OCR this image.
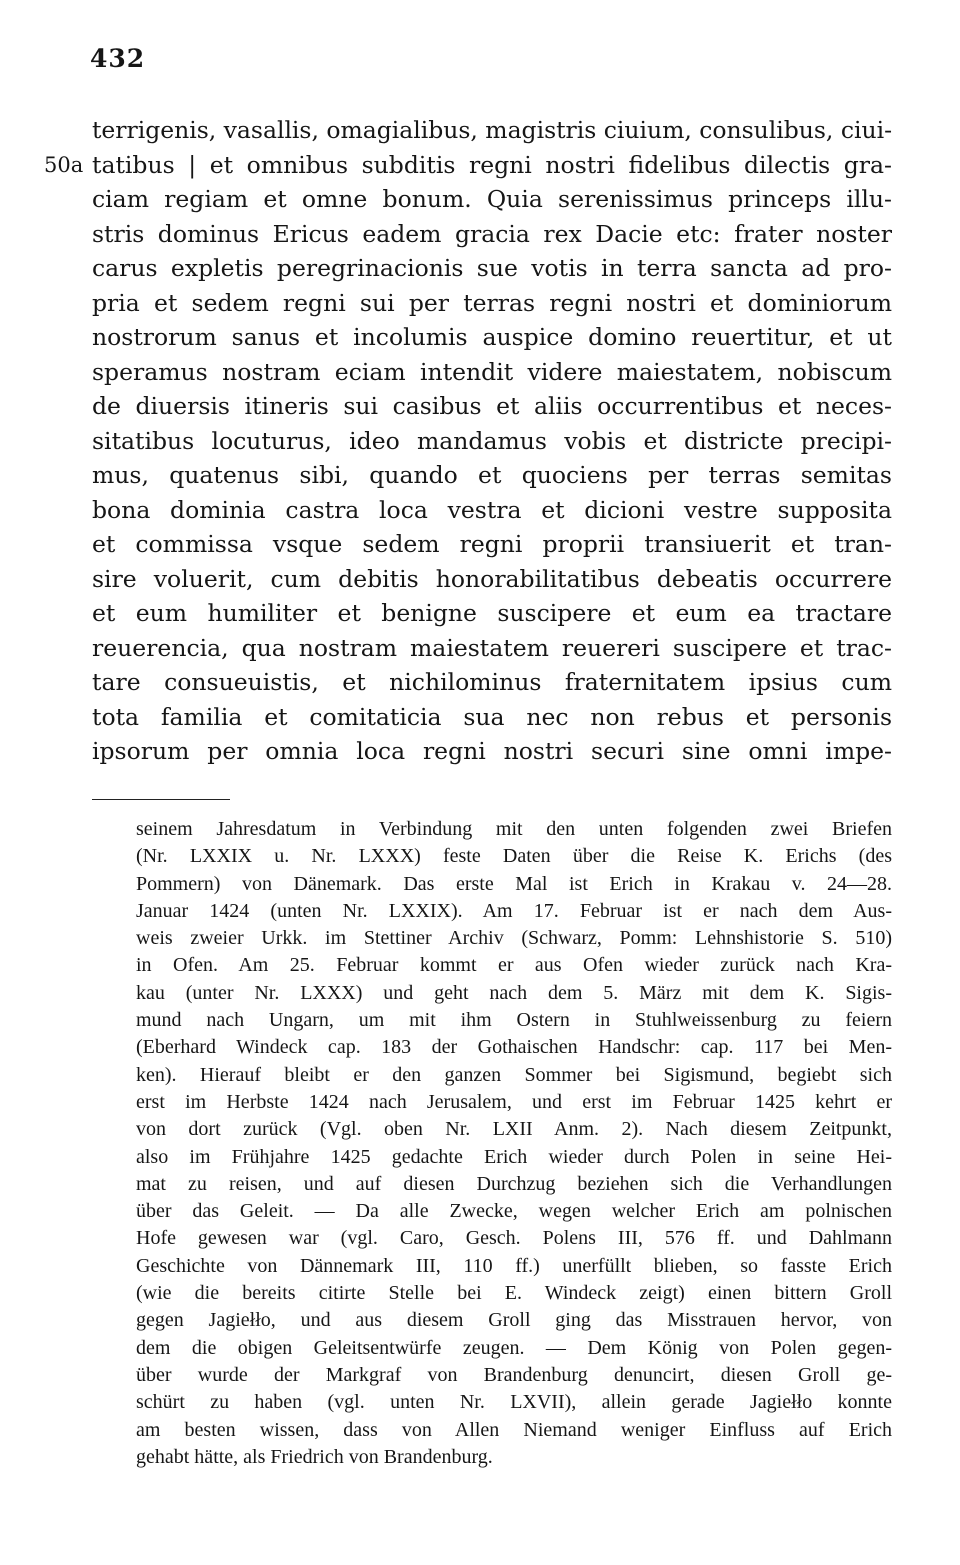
432
50a
terrigenis, vasallis, omagialibus, magistris ciuium, consulibus, ciui-
tatibus | et omnibus subditis regni nostri fidelibus dilectis gra-
ciam regiam et omne bonum. Quia serenissimus princeps illu-
stris dominus Ericus eadem gracia rex Dacie etc: frater noster
carus expletis peregrinacionis sue votis in terra sancta ad pro-
pria et sedem regni sui per terras regni nostri et dominiorum
nostrorum sanus et incolumis auspice domino reuertitur, et ut
speramus nostram eciam intendit videre maiestatem, nobiscum
de diuersis itineris sui casibus et aliis occurrentibus et neces-
sitatibus locuturus, ideo mandamus vobis et districte precipi-
mus, quatenus sibi, quando et quociens per terras semitas
bona dominia castra loca vestra et dicioni vestre supposita
et commissa vsque sedem regni proprii transiuerit et tran-
sire voluerit, cum debitis honorabilitatibus debeatis occurrere
et eum humiliter et benigne suscipere et eum ea tractare
reuerencia, qua nostram maiestatem reuereri suscipere et trac-
tare consueuistis, et nichilominus fraternitatem ipsius cum
tota familia et comitaticia sua nec non rebus et personis
ipsorum per omnia loca regni nostri securi sine omni impe-
seinem Jahresdatum in Verbindung mit den unten folgenden zwei Briefen
(Nr. LXXIX u. Nr. LXXX) feste Daten über die Reise K. Erichs (des
Pommern) von Dänemark. Das erste Mal ist Erich in Krakau v. 24—28.
Januar 1424 (unten Nr. LXXIX). Am 17. Februar ist er nach dem Aus-
weis zweier Urkk. im Stettiner Archiv (Schwarz, Pomm: Lehnshistorie S. 510)
in Ofen. Am 25. Februar kommt er aus Ofen wieder zurück nach Kra-
kau (unter Nr. LXXX) und geht nach dem 5. März mit dem K. Sigis-
mund nach Ungarn, um mit ihm Ostern in Stuhlweissenburg zu feiern
(Eberhard Windeck cap. 183 der Gothaischen Handschr: cap. 117 bei Men-
ken). Hierauf bleibt er den ganzen Sommer bei Sigismund, begiebt sich
erst im Herbste 1424 nach Jerusalem, und erst im Februar 1425 kehrt er
von dort zurück (Vgl. oben Nr. LXII Anm. 2). Nach diesem Zeitpunkt,
also im Frühjahre 1425 gedachte Erich wieder durch Polen in seine Hei-
mat zu reisen, und auf diesen Durchzug beziehen sich die Verhandlungen
über das Geleit. — Da alle Zwecke, wegen welcher Erich am polnischen
Hofe gewesen war (vgl. Caro, Gesch. Polens III, 576 ff. und Dahlmann
Geschichte von Dännemark III, 110 ff.) unerfüllt blieben, so fasste Erich
(wie die bereits citirte Stelle bei E. Windeck zeigt) einen bittern Groll
gegen Jagiełło, und aus diesem Groll ging das Misstrauen hervor, von
dem die obigen Geleitsentwürfe zeugen. — Dem König von Polen gegen-
über wurde der Markgraf von Brandenburg denuncirt, diesen Groll ge-
schürt zu haben (vgl. unten Nr. LXVII), allein gerade Jagiełło konnte
am besten wissen, dass von Allen Niemand weniger Einfluss auf Erich
gehabt hätte, als Friedrich von Brandenburg.
